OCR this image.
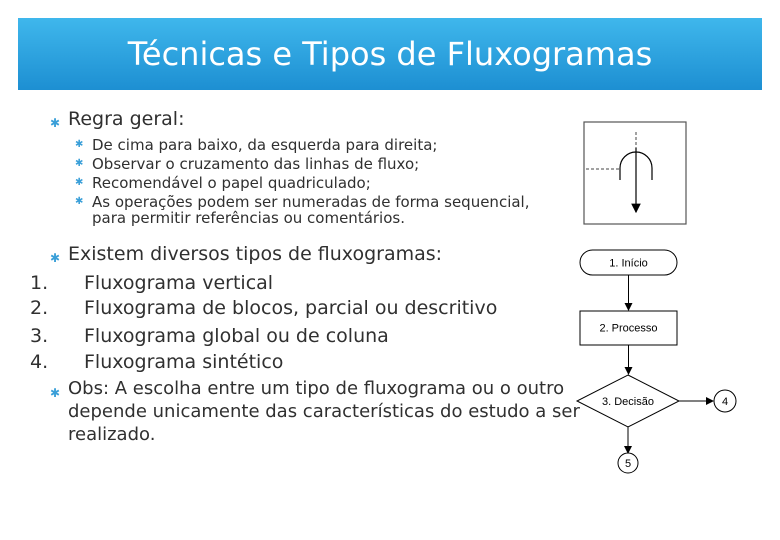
Técnicas e Tipos de Fluxogramas
✱ Regra geral:
✱ De cima para baixo, da esquerda para direita;
✱ Observar o cruzamento das linhas de fluxo;
✱ Recomendável o papel quadriculado;
✱ As operações podem ser numeradas de forma sequencial,
para permitir referências ou comentários.
✱ Existem diversos tipos de fluxogramas:
1. Fluxograma vertical
2. Fluxograma de blocos, parcial ou descritivo
3. Fluxograma global ou de coluna
4. Fluxograma sintético
✱ Obs: A escolha entre um tipo de fluxograma ou o outro
depende unicamente das características do estudo a ser
realizado.
1. Início
2. Processo
3. Decisão	4
5
